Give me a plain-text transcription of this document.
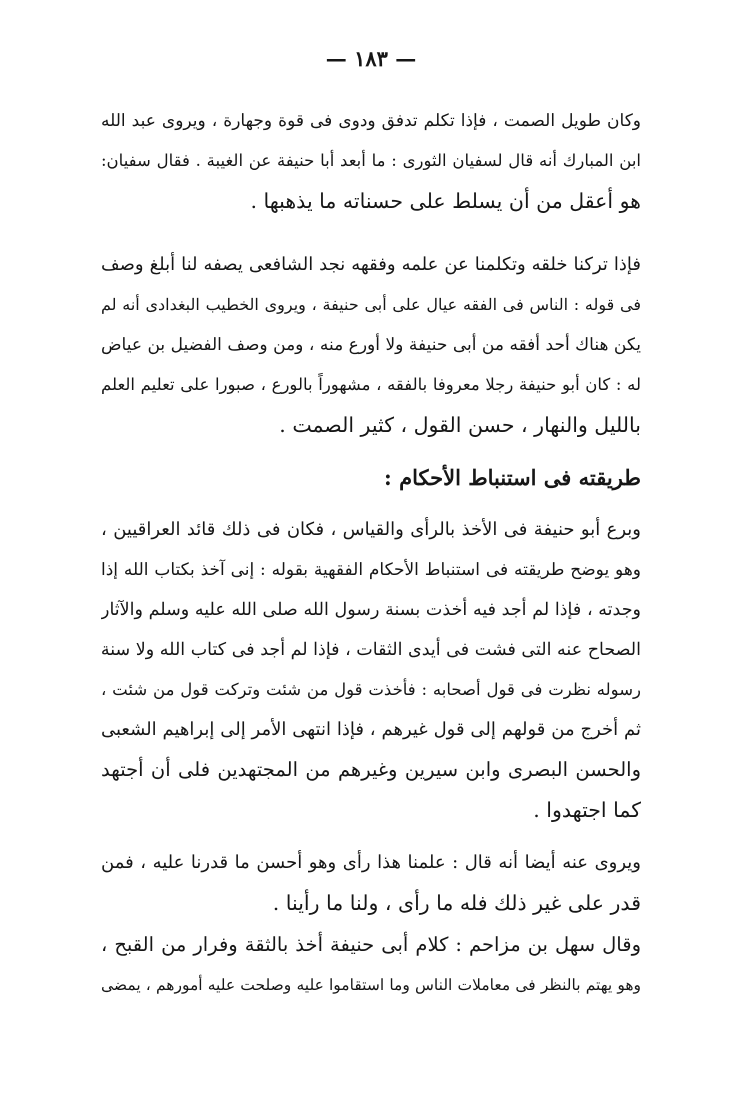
— ١٨٣ —
وكان طويل الصمت ، فإذا تكلم تدفق ودوى فى قوة وجهارة ، ويروى عبد الله
ابن المبارك أنه قال لسفيان الثورى : ما أبعد أبا حنيفة عن الغيبة . فقال سفيان:
هو أعقل من أن يسلط على حسناته ما يذهبها .
فإذا تركنا خلقه وتكلمنا عن علمه وفقهه نجد الشافعى يصفه لنا أبلغ وصف
فى قوله : الناس فى الفقه عيال على أبى حنيفة ، ويروى الخطيب البغدادى أنه لم
يكن هناك أحد أفقه من أبى حنيفة ولا أورع منه ، ومن وصف الفضيل بن عياض
له : كان أبو حنيفة رجلا معروفا بالفقه ، مشهوراً بالورع ، صبورا على تعليم العلم
بالليل والنهار ، حسن القول ، كثير الصمت .
طريقته فى استنباط الأحكام :
وبرع أبو حنيفة فى الأخذ بالرأى والقياس ، فكان فى ذلك قائد العراقيين ،
وهو يوضح طريقته فى استنباط الأحكام الفقهية بقوله : إنى آخذ بكتاب الله إذا
وجدته ، فإذا لم أجد فيه أخذت بسنة رسول الله صلى الله عليه وسلم والآثار
الصحاح عنه التى فشت فى أيدى الثقات ، فإذا لم أجد فى كتاب الله ولا سنة
رسوله نظرت فى قول أصحابه : فأخذت قول من شئت وتركت قول من شئت ،
ثم أخرج من قولهم إلى قول غيرهم ، فإذا انتهى الأمر إلى إبراهيم الشعبى
والحسن البصرى وابن سيرين وغيرهم من المجتهدين فلى أن أجتهد
كما اجتهدوا .
ويروى عنه أيضا أنه قال : علمنا هذا رأى وهو أحسن ما قدرنا عليه ، فمن
قدر على غير ذلك فله ما رأى ، ولنا ما رأينا .
وقال سهل بن مزاحم : كلام أبى حنيفة أخذ بالثقة وفرار من القبح ،
وهو يهتم بالنظر فى معاملات الناس وما استقاموا عليه وصلحت عليه أمورهم ، يمضى
